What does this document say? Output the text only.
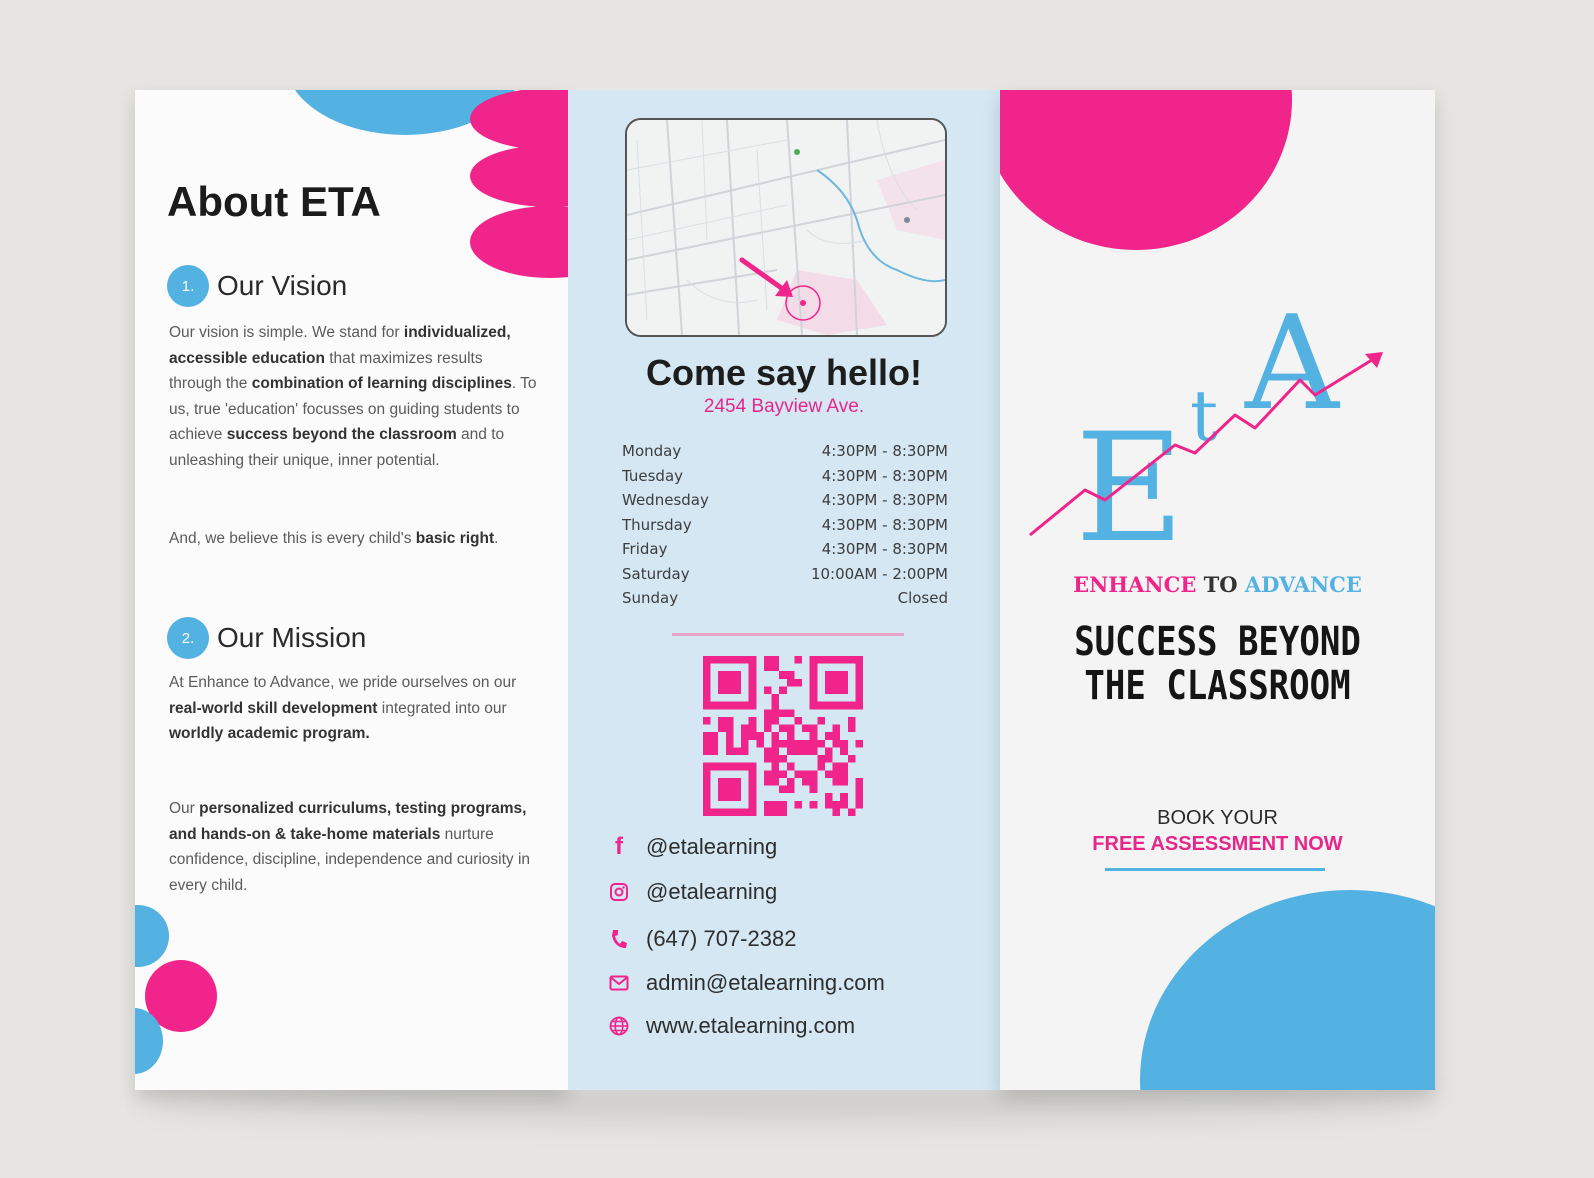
About ETA
1. Our Vision

Our vision is simple. We stand for individualized, accessible education that maximizes results through the combination of learning disciplines. To us, true 'education' focusses on guiding students to achieve success beyond the classroom and to unleashing their unique, inner potential.

And, we believe this is every child's basic right.

2. Our Mission

At Enhance to Advance, we pride ourselves on our real-world skill development integrated into our worldly academic program.

Our personalized curriculums, testing programs, and hands-on & take-home materials nurture confidence, discipline, independence and curiosity in every child.

Come say hello!
2454 Bayview Ave.
Monday	4:30PM - 8:30PM
Tuesday	4:30PM - 8:30PM
Wednesday	4:30PM - 8:30PM
Thursday	4:30PM - 8:30PM
Friday	4:30PM - 8:30PM
Saturday	10:00AM - 2:00PM
Sunday	Closed
f @etalearning
@etalearning
(647) 707-2382
admin@etalearning.com
www.etalearning.com
E t A
ENHANCE TO ADVANCE
SUCCESS BEYOND
THE CLASSROOM
BOOK YOUR
FREE ASSESSMENT NOW
